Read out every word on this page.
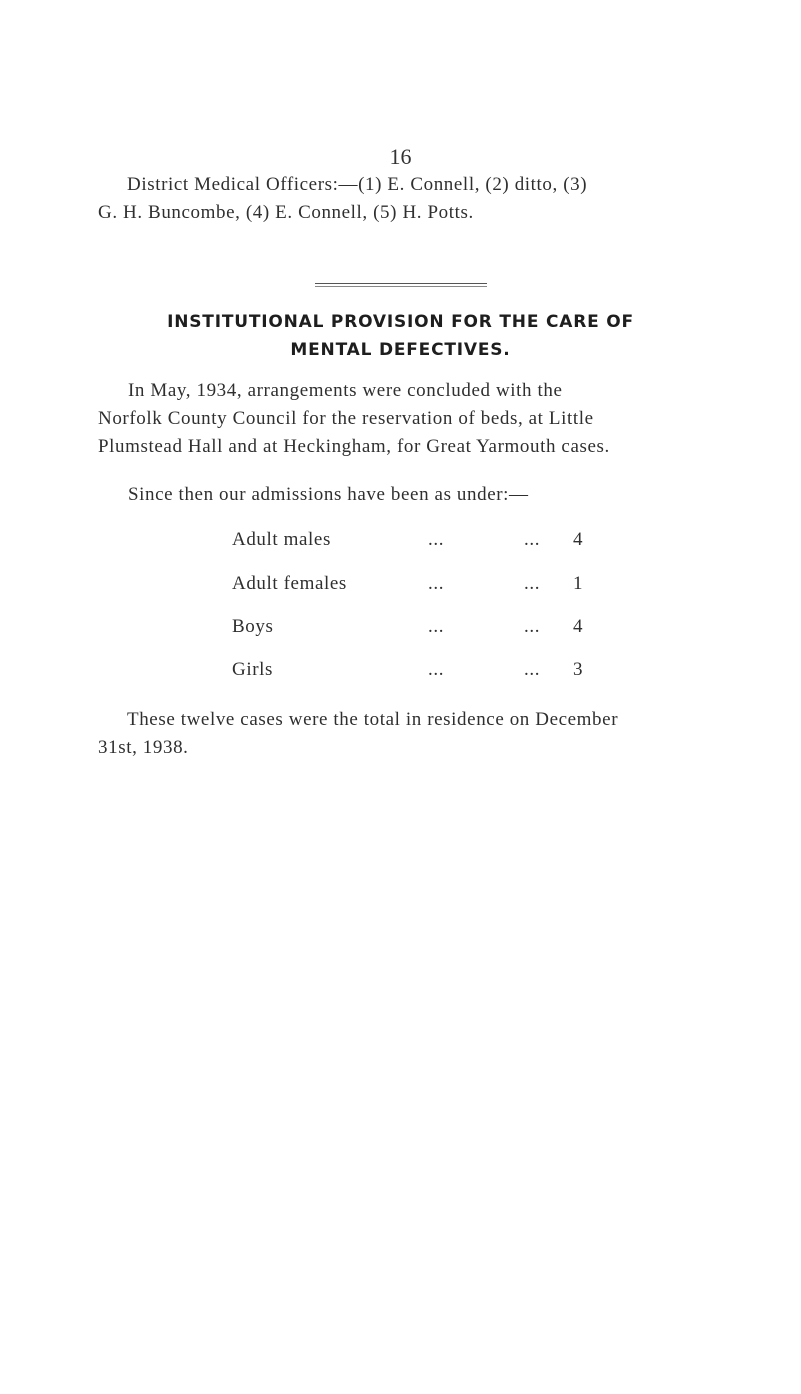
16
District Medical Officers:—(1) E. Connell, (2) ditto, (3)
G. H. Buncombe, (4) E. Connell, (5) H. Potts.
INSTITUTIONAL PROVISION FOR THE CARE OF
MENTAL DEFECTIVES.
In May, 1934, arrangements were concluded with the
Norfolk County Council for the reservation of beds, at Little
Plumstead Hall and at Heckingham, for Great Yarmouth cases.
Since then our admissions have been as under:—
Adult males	...	... 4
Adult females	...	... 1
Boys	...	... 4
Girls	...	... 3
These twelve cases were the total in residence on December
31st, 1938.
